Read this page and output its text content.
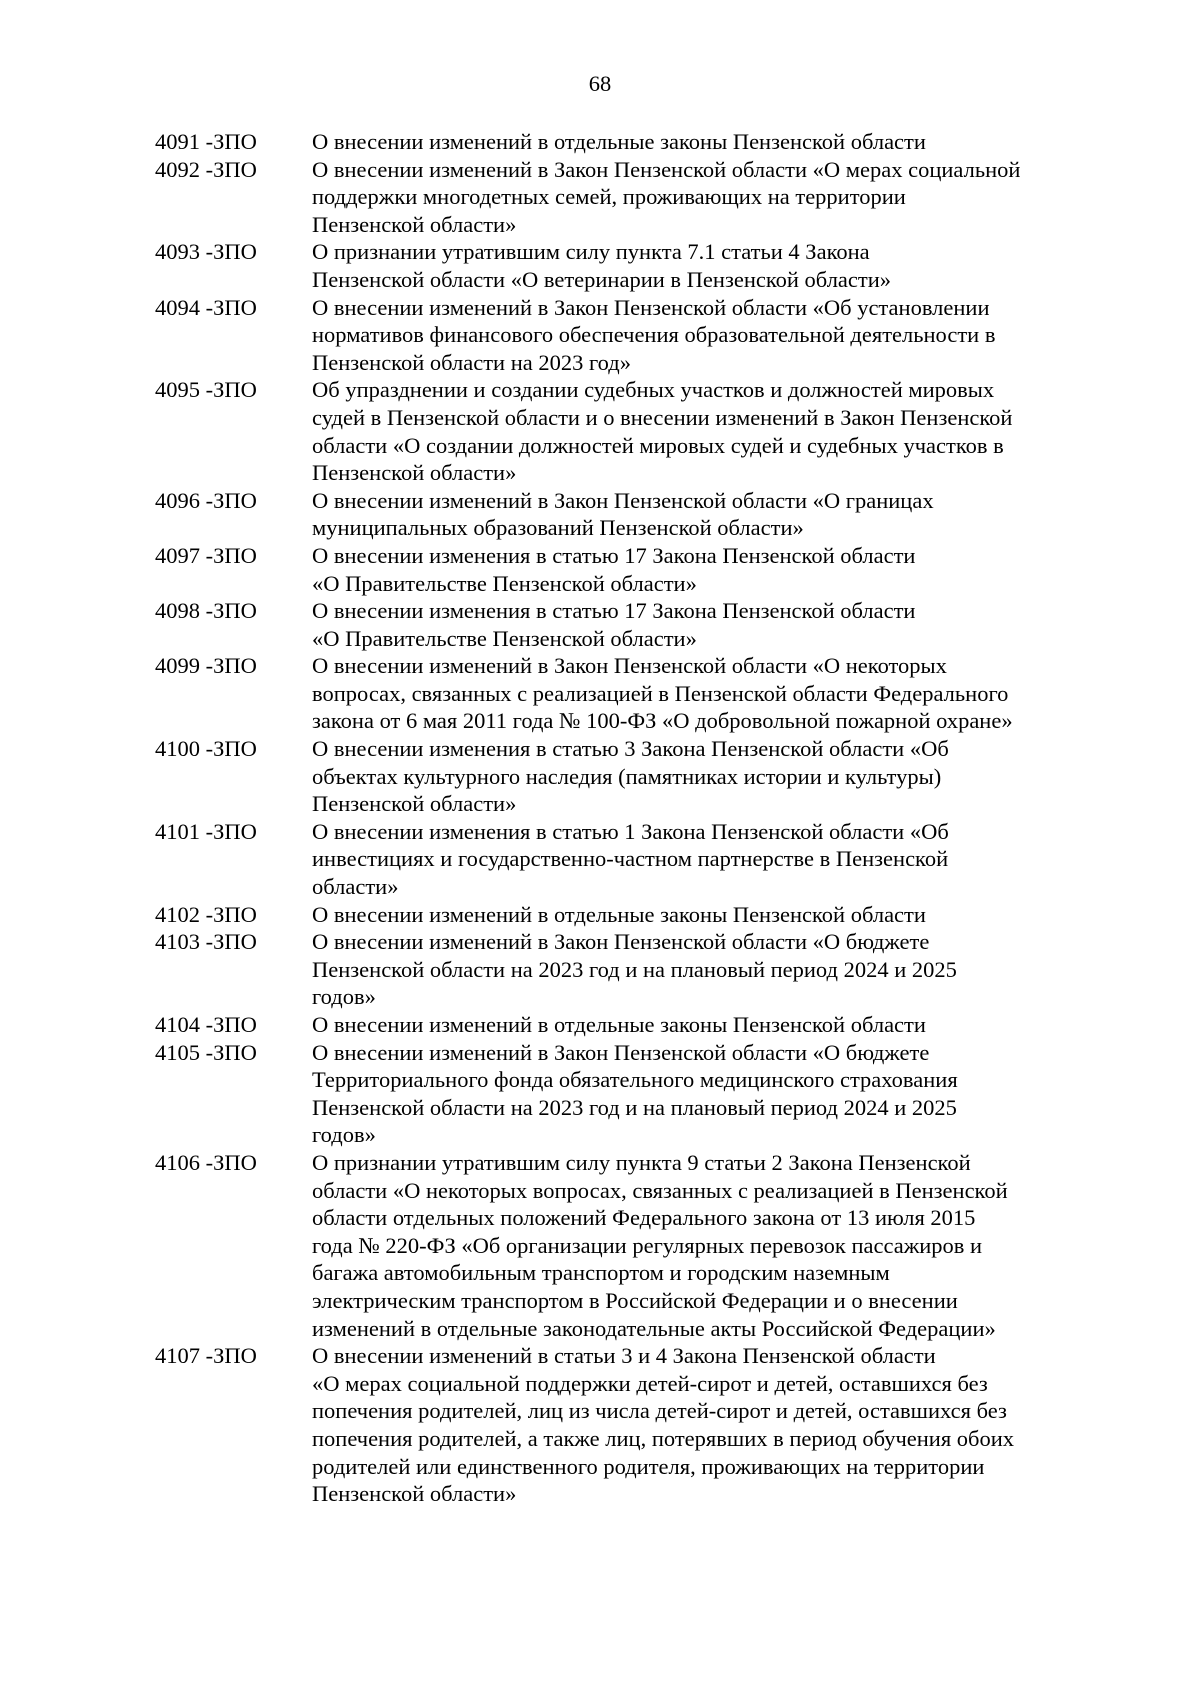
68
4091 -ЗПО	О внесении изменений в отдельные законы Пензенской области
4092 -ЗПО	О внесении изменений в Закон Пензенской области «О мерах социальной
поддержки многодетных семей, проживающих на территории
Пензенской области»
4093 -ЗПО	О признании утратившим силу пункта 7.1 статьи 4 Закона
Пензенской области «О ветеринарии в Пензенской области»
4094 -ЗПО	О внесении изменений в Закон Пензенской области «Об установлении
нормативов финансового обеспечения образовательной деятельности в
Пензенской области на 2023 год»
4095 -ЗПО	Об упразднении и создании судебных участков и должностей мировых
судей в Пензенской области и о внесении изменений в Закон Пензенской
области «О создании должностей мировых судей и судебных участков в
Пензенской области»
4096 -ЗПО	О внесении изменений в Закон Пензенской области «О границах
муниципальных образований Пензенской области»
4097 -ЗПО	О внесении изменения в статью 17 Закона Пензенской области
«О Правительстве Пензенской области»
4098 -ЗПО	О внесении изменения в статью 17 Закона Пензенской области
«О Правительстве Пензенской области»
4099 -ЗПО	О внесении изменений в Закон Пензенской области «О некоторых
вопросах, связанных с реализацией в Пензенской области Федерального
закона от 6 мая 2011 года № 100-ФЗ «О добровольной пожарной охране»
4100 -ЗПО	О внесении изменения в статью 3 Закона Пензенской области «Об
объектах культурного наследия (памятниках истории и культуры)
Пензенской области»
4101 -ЗПО	О внесении изменения в статью 1 Закона Пензенской области «Об
инвестициях и государственно-частном партнерстве в Пензенской
области»
4102 -ЗПО	О внесении изменений в отдельные законы Пензенской области
4103 -ЗПО	О внесении изменений в Закон Пензенской области «О бюджете
Пензенской области на 2023 год и на плановый период 2024 и 2025
годов»
4104 -ЗПО	О внесении изменений в отдельные законы Пензенской области
4105 -ЗПО	О внесении изменений в Закон Пензенской области «О бюджете
Территориального фонда обязательного медицинского страхования
Пензенской области на 2023 год и на плановый период 2024 и 2025
годов»
4106 -ЗПО	О признании утратившим силу пункта 9 статьи 2 Закона Пензенской
области «О некоторых вопросах, связанных с реализацией в Пензенской
области отдельных положений Федерального закона от 13 июля 2015
года № 220-ФЗ «Об организации регулярных перевозок пассажиров и
багажа автомобильным транспортом и городским наземным
электрическим транспортом в Российской Федерации и о внесении
изменений в отдельные законодательные акты Российской Федерации»
4107 -ЗПО	О внесении изменений в статьи 3 и 4 Закона Пензенской области
«О мерах социальной поддержки детей-сирот и детей, оставшихся без
попечения родителей, лиц из числа детей-сирот и детей, оставшихся без
попечения родителей, а также лиц, потерявших в период обучения обоих
родителей или единственного родителя, проживающих на территории
Пензенской области»
